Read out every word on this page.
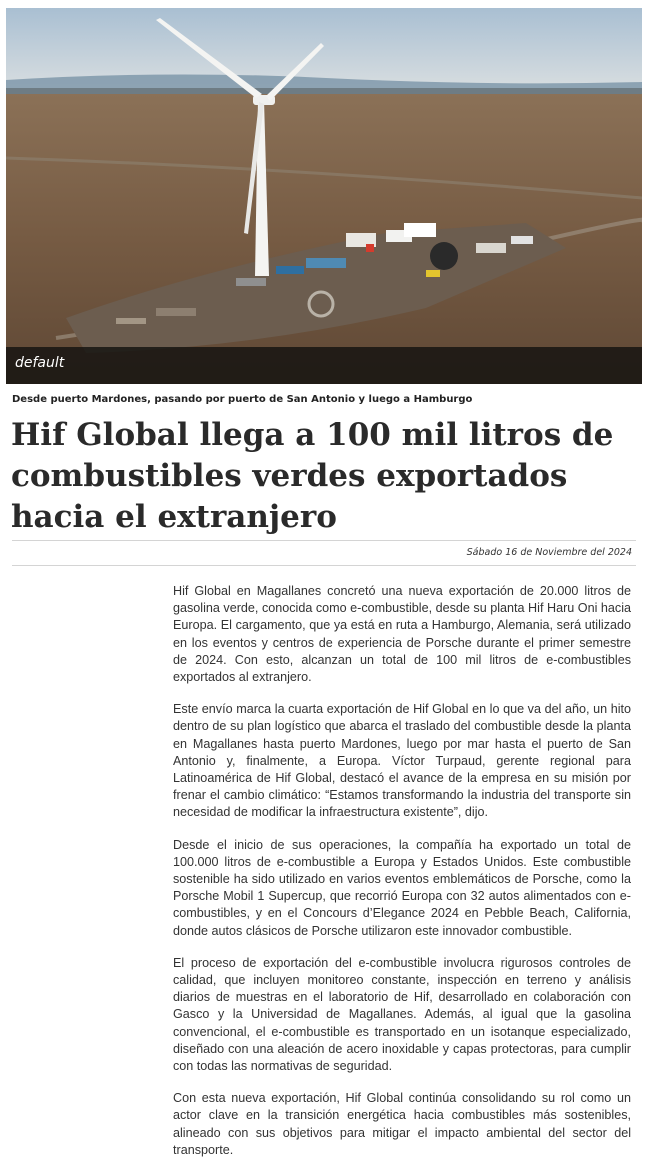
default
Desde puerto Mardones, pasando por puerto de San Antonio y luego a Hamburgo
Hif Global llega a 100 mil litros de combustibles verdes exportados hacia el extranjero
Sábado 16 de Noviembre del 2024

Hif Global en Magallanes concretó una nueva exportación de 20.000 litros de gasolina verde, conocida como e-combustible, desde su planta Hif Haru Oni hacia Europa. El cargamento, que ya está en ruta a Hamburgo, Alemania, será utilizado en los eventos y centros de experiencia de Porsche durante el primer semestre de 2024. Con esto, alcanzan un total de 100 mil litros de e-combustibles exportados al extranjero.

Este envío marca la cuarta exportación de Hif Global en lo que va del año, un hito dentro de su plan logístico que abarca el traslado del combustible desde la planta en Magallanes hasta puerto Mardones, luego por mar hasta el puerto de San Antonio y, finalmente, a Europa. Víctor Turpaud, gerente regional para Latinoamérica de Hif Global, destacó el avance de la empresa en su misión por frenar el cambio climático: “Estamos transformando la industria del transporte sin necesidad de modificar la infraestructura existente”, dijo.

Desde el inicio de sus operaciones, la compañía ha exportado un total de 100.000 litros de e-combustible a Europa y Estados Unidos. Este combustible sostenible ha sido utilizado en varios eventos emblemáticos de Porsche, como la Porsche Mobil 1 Supercup, que recorrió Europa con 32 autos alimentados con e-combustibles, y en el Concours d’Elegance 2024 en Pebble Beach, California, donde autos clásicos de Porsche utilizaron este innovador combustible.

El proceso de exportación del e-combustible involucra rigurosos controles de calidad, que incluyen monitoreo constante, inspección en terreno y análisis diarios de muestras en el laboratorio de Hif, desarrollado en colaboración con Gasco y la Universidad de Magallanes. Además, al igual que la gasolina convencional, el e-combustible es transportado en un isotanque especializado, diseñado con una aleación de acero inoxidable y capas protectoras, para cumplir con todas las normativas de seguridad.

Con esta nueva exportación, Hif Global continúa consolidando su rol como un actor clave en la transición energética hacia combustibles más sostenibles, alineado con sus objetivos para mitigar el impacto ambiental del sector del transporte.
